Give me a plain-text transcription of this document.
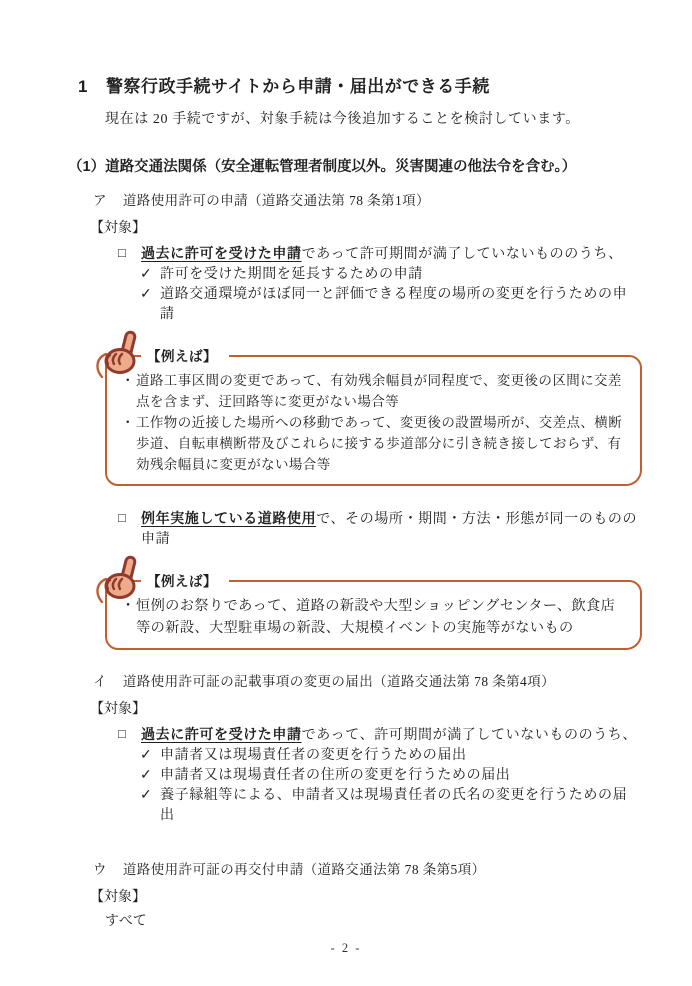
1 警察行政手続サイトから申請・届出ができる手続

現在は 20 手続ですが、対象手続は今後追加することを検討しています。

（1）道路交通法関係（安全運転管理者制度以外。災害関連の他法令を含む。）

ア 道路使用許可の申請（道路交通法第 78 条第1項）

【対象】

□	過去に許可を受けた申請であって許可期間が満了していないもののうち、
✓ 許可を受けた期間を延長するための申請
✓ 道路交通環境がほぼ同一と評価できる程度の場所の変更を行うための申請
【例えば】
・ 道路工事区間の変更であって、有効残余幅員が同程度で、変更後の区間に交差点を含まず、迂回路等に変更がない場合等
・ 工作物の近接した場所への移動であって、変更後の設置場所が、交差点、横断歩道、自転車横断帯及びこれらに接する歩道部分に引き続き接しておらず、有効残余幅員に変更がない場合等
□	例年実施している道路使用で、その場所・期間・方法・形態が同一のものの申請
【例えば】
・ 恒例のお祭りであって、道路の新設や大型ショッピングセンター、飲食店等の新設、大型駐車場の新設、大規模イベントの実施等がないもの

イ 道路使用許可証の記載事項の変更の届出（道路交通法第 78 条第4項）

【対象】

□	過去に許可を受けた申請であって、許可期間が満了していないもののうち、
✓ 申請者又は現場責任者の変更を行うための届出
✓ 申請者又は現場責任者の住所の変更を行うための届出
✓ 養子縁組等による、申請者又は現場責任者の氏名の変更を行うための届出

ウ 道路使用許可証の再交付申請（道路交通法第 78 条第5項）

【対象】

すべて

- 2 -
